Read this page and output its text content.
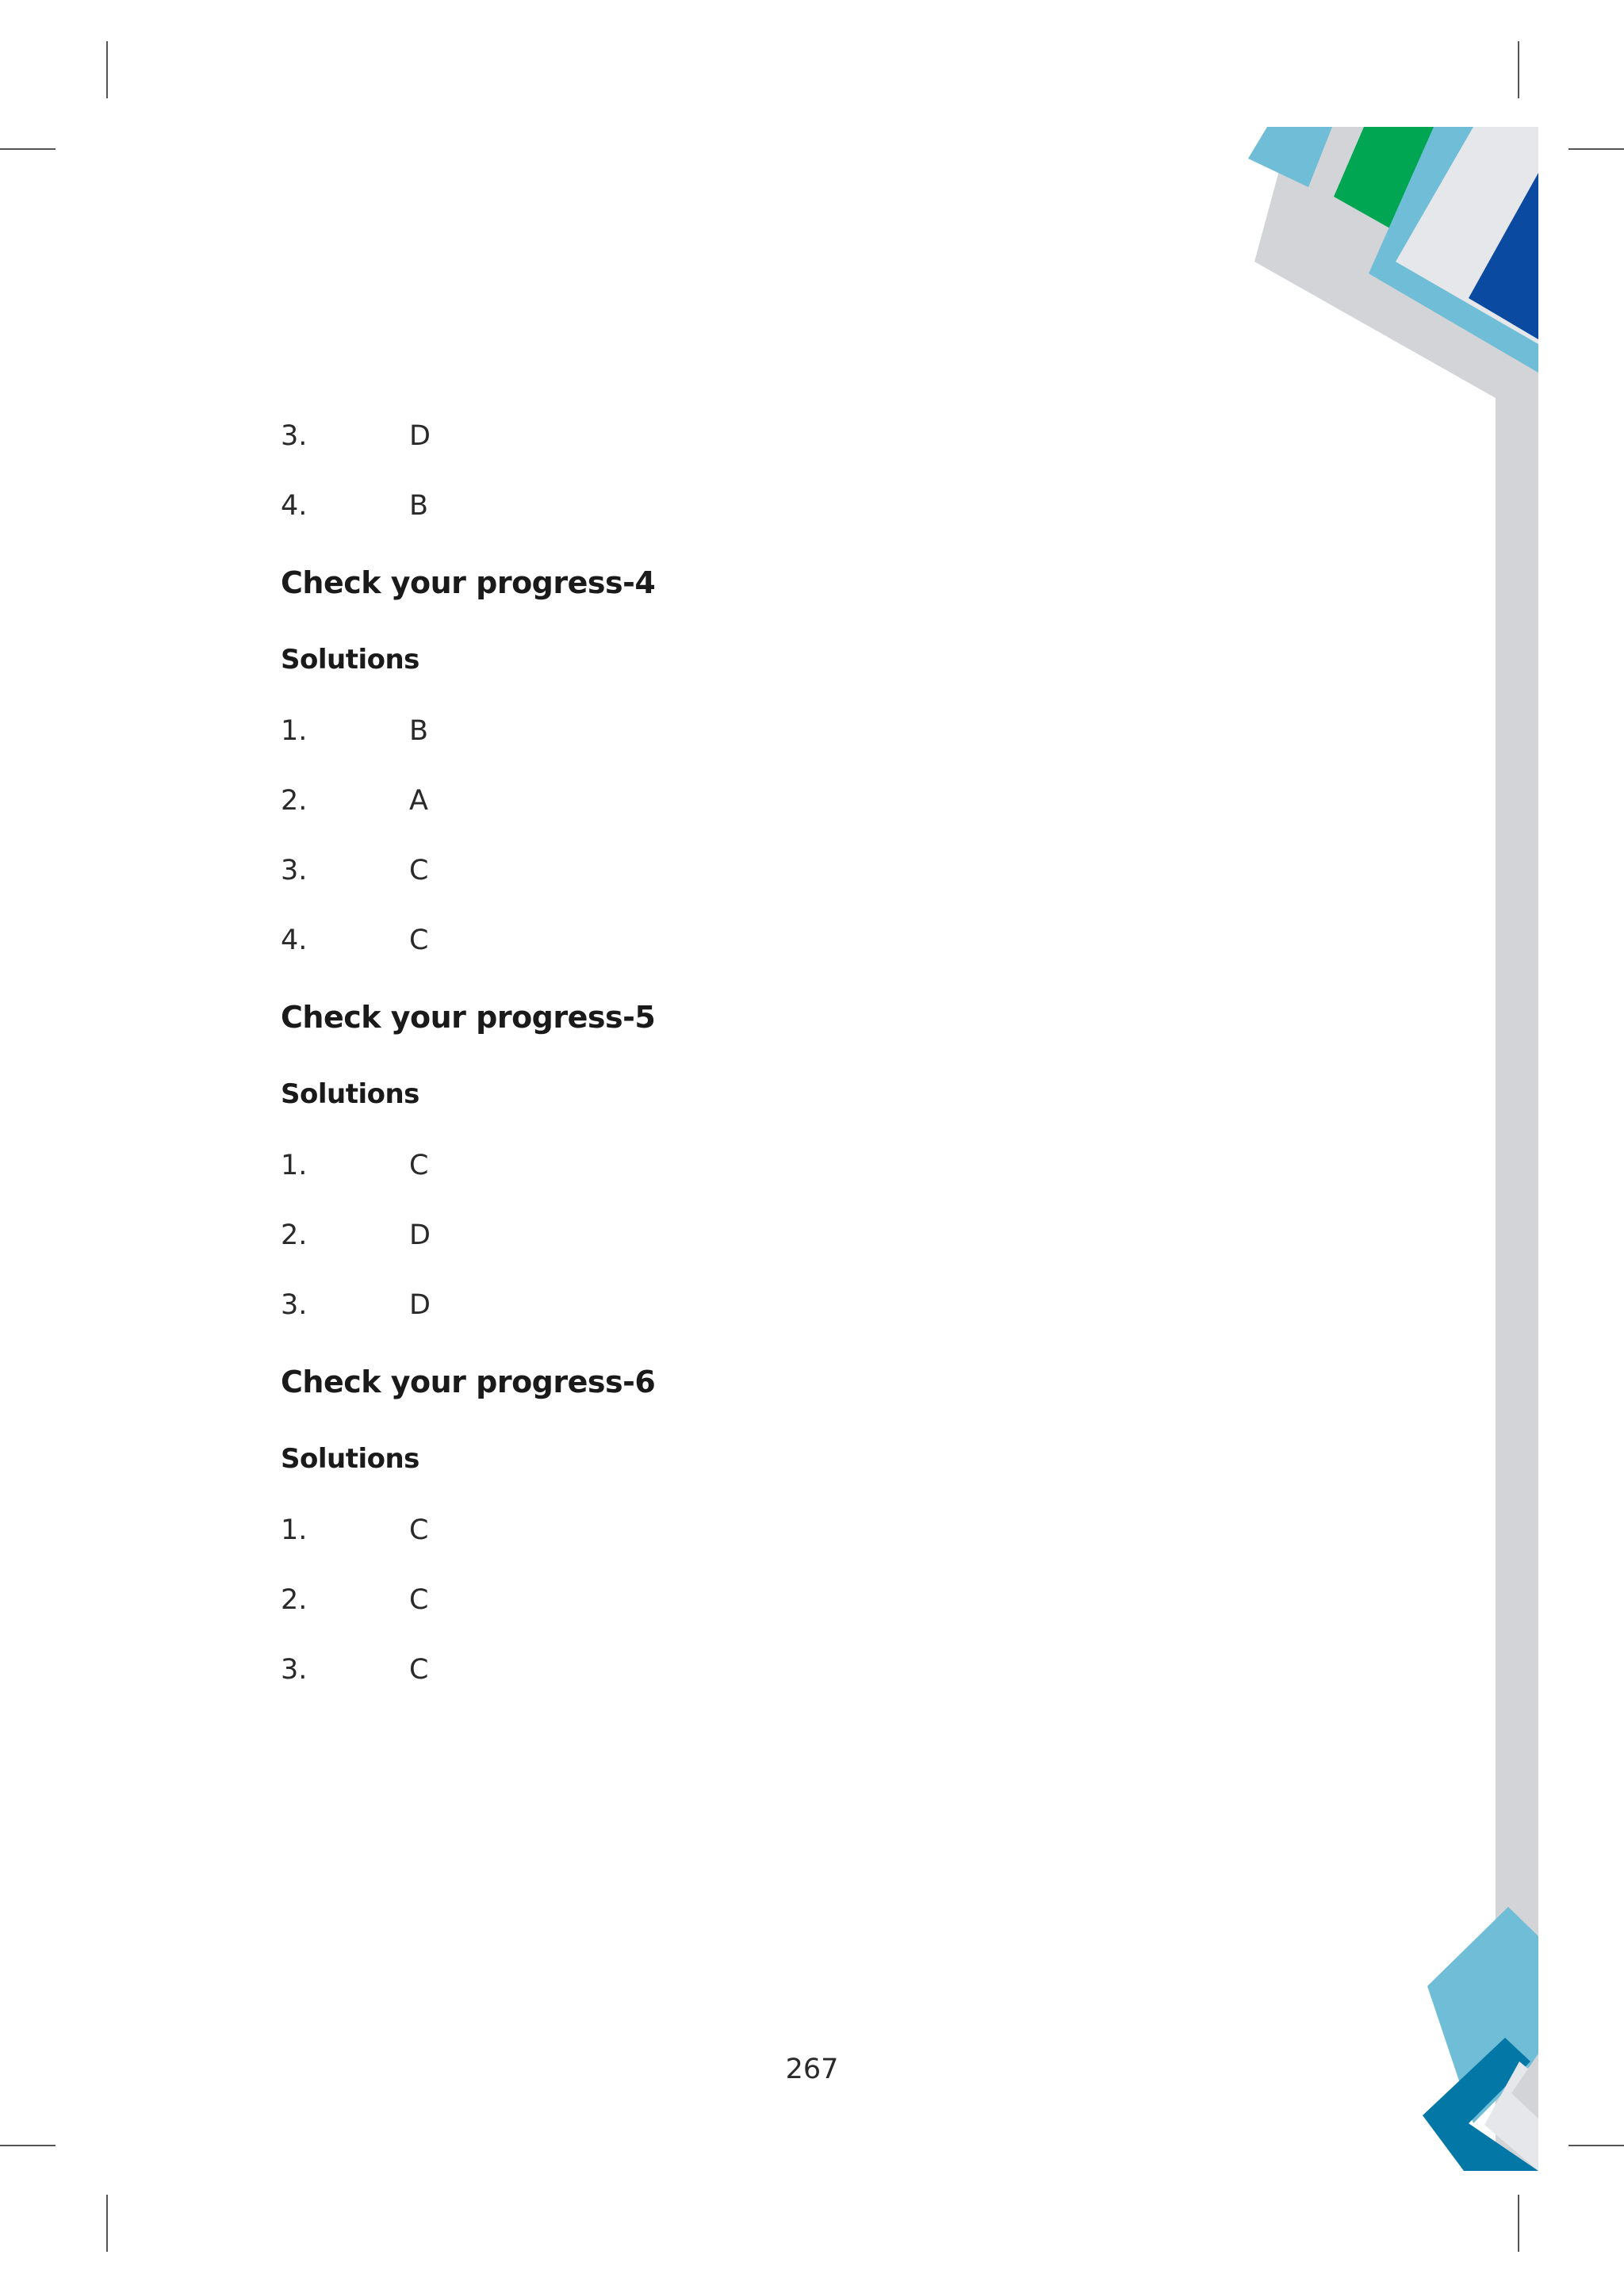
3.	D
4.	B
Check your progress-4
Solutions
1.	B
2.	A
3.	C
4.	C
Check your progress-5
Solutions
1.	C
2.	D
3.	D
Check your progress-6
Solutions
1.	C
2.	C
3.	C
267
